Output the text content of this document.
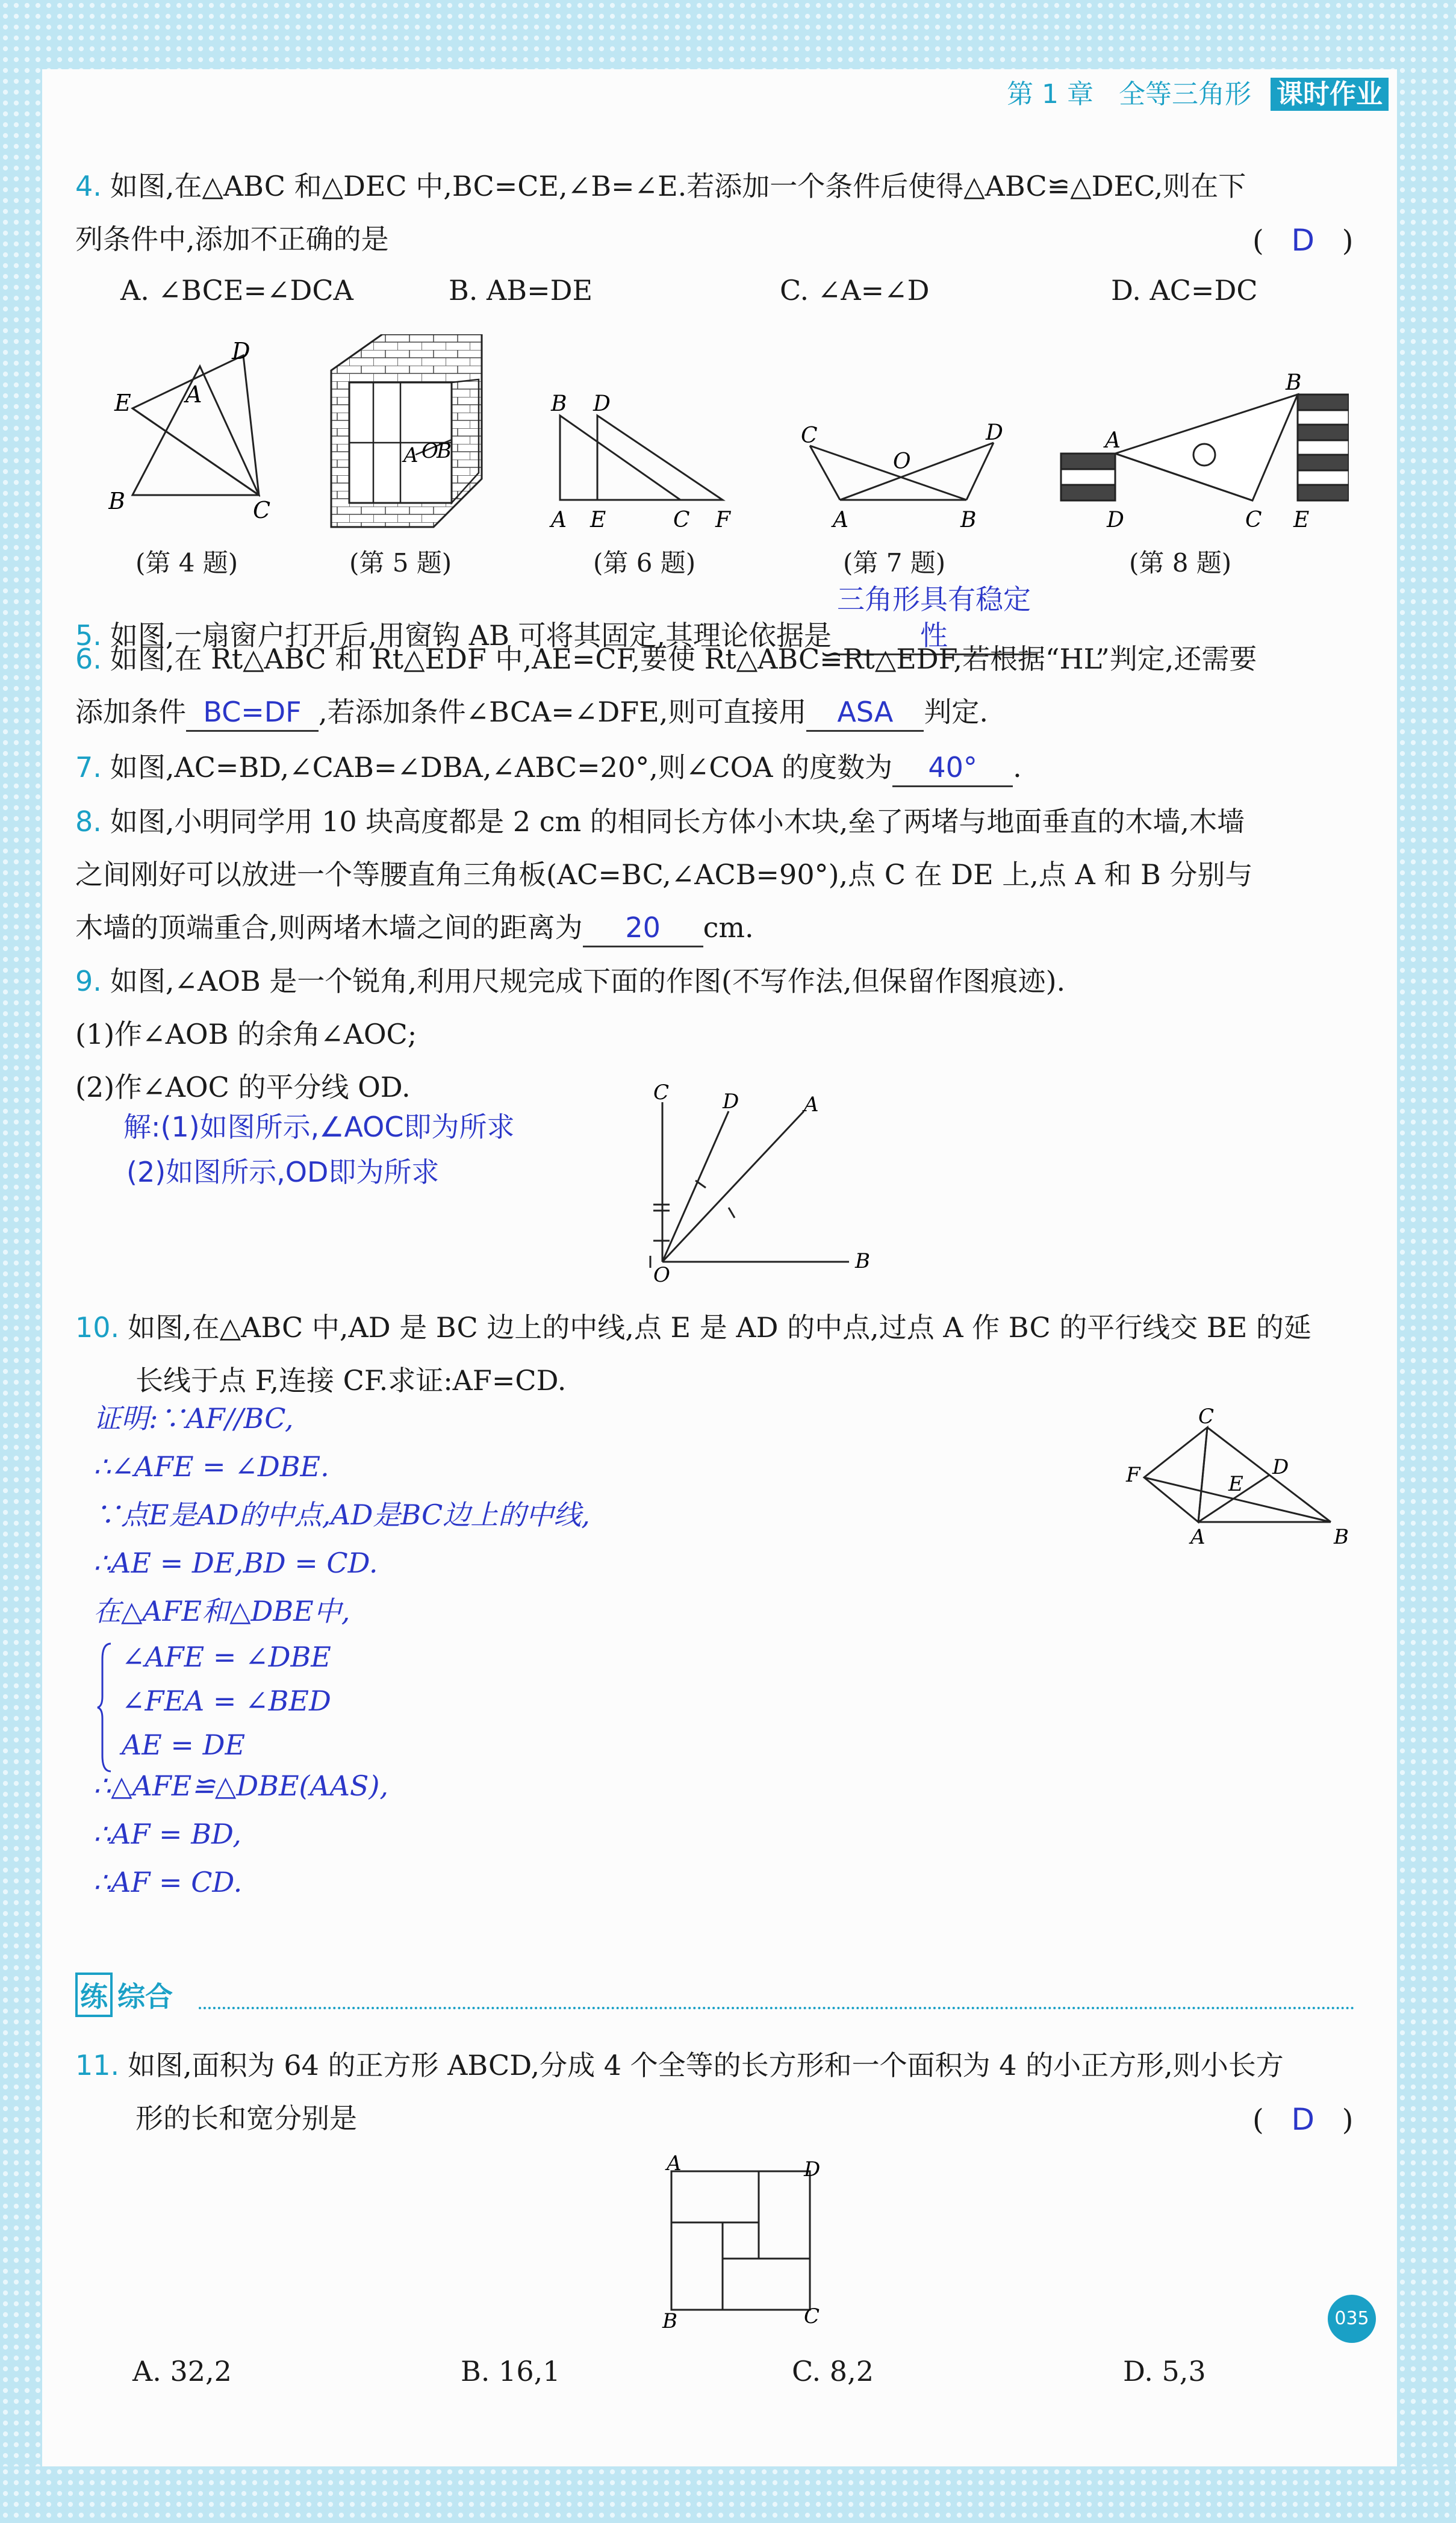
第 1 章 全等三角形 课时作业
4. 如图,在△ABC 和△DEC 中,BC=CE,∠B=∠E.若添加一个条件后使得△ABC≌△DEC,则在下
列条件中,添加不正确的是	(   D   )
A. ∠BCE=∠DCA	B. AB=DE	C. ∠A=∠D	D. AC=DC
E A
D
B	C
A O
B
B D
A E	C F
C	D
O
A	B
B
A
D	C E
(第 4 题)	(第 5 题)	(第 6 题)	(第 7 题)	(第 8 题)
5. 如图,一扇窗户打开后,用窗钩 AB 可将其固定,其理论依据是三角形具有稳定性
6. 如图,在 Rt△ABC 和 Rt△EDF 中,AE=CF,要使 Rt△ABC≌Rt△EDF,若根据“HL”判定,还需要
添加条件 BC=DF ,若添加条件∠BCA=∠DFE,则可直接用 ASA 判定.
7. 如图,AC=BD,∠CAB=∠DBA,∠ABC=20°,则∠COA 的度数为 40° .
8. 如图,小明同学用 10 块高度都是 2 cm 的相同长方体小木块,垒了两堵与地面垂直的木墙,木墙
之间刚好可以放进一个等腰直角三角板(AC=BC,∠ACB=90°),点 C 在 DE 上,点 A 和 B 分别与
木墙的顶端重合,则两堵木墙之间的距离为 20 cm.
9. 如图,∠AOB 是一个锐角,利用尺规完成下面的作图(不写作法,但保留作图痕迹).
(1)作∠AOB 的余角∠AOC;
(2)作∠AOC 的平分线 OD.
解:(1)如图所示,∠AOC即为所求
(2)如图所示,OD即为所求
C	D	A
O
B
10. 如图,在△ABC 中,AD 是 BC 边上的中线,点 E 是 AD 的中点,过点 A 作 BC 的平行线交 BE 的延
长线于点 F,连接 CF.求证:AF=CD.
C
F	E
D
A	B
证明:∵AF//BC,
∴∠AFE = ∠DBE.
∵点E是AD的中点,AD是BC边上的中线,
∴AE = DE,BD = CD.
在△AFE和△DBE中,
∠AFE = ∠DBE
∠FEA = ∠BED
AE = DE
∴△AFE≌△DBE(AAS),
∴AF = BD,
∴AF = CD.
练 综合
11. 如图,面积为 64 的正方形 ABCD,分成 4 个全等的长方形和一个面积为 4 的小正方形,则小长方
形的长和宽分别是	(   D   )
A	D
B	C
A. 32,2	B. 16,1	C. 8,2	D. 5,3
035
